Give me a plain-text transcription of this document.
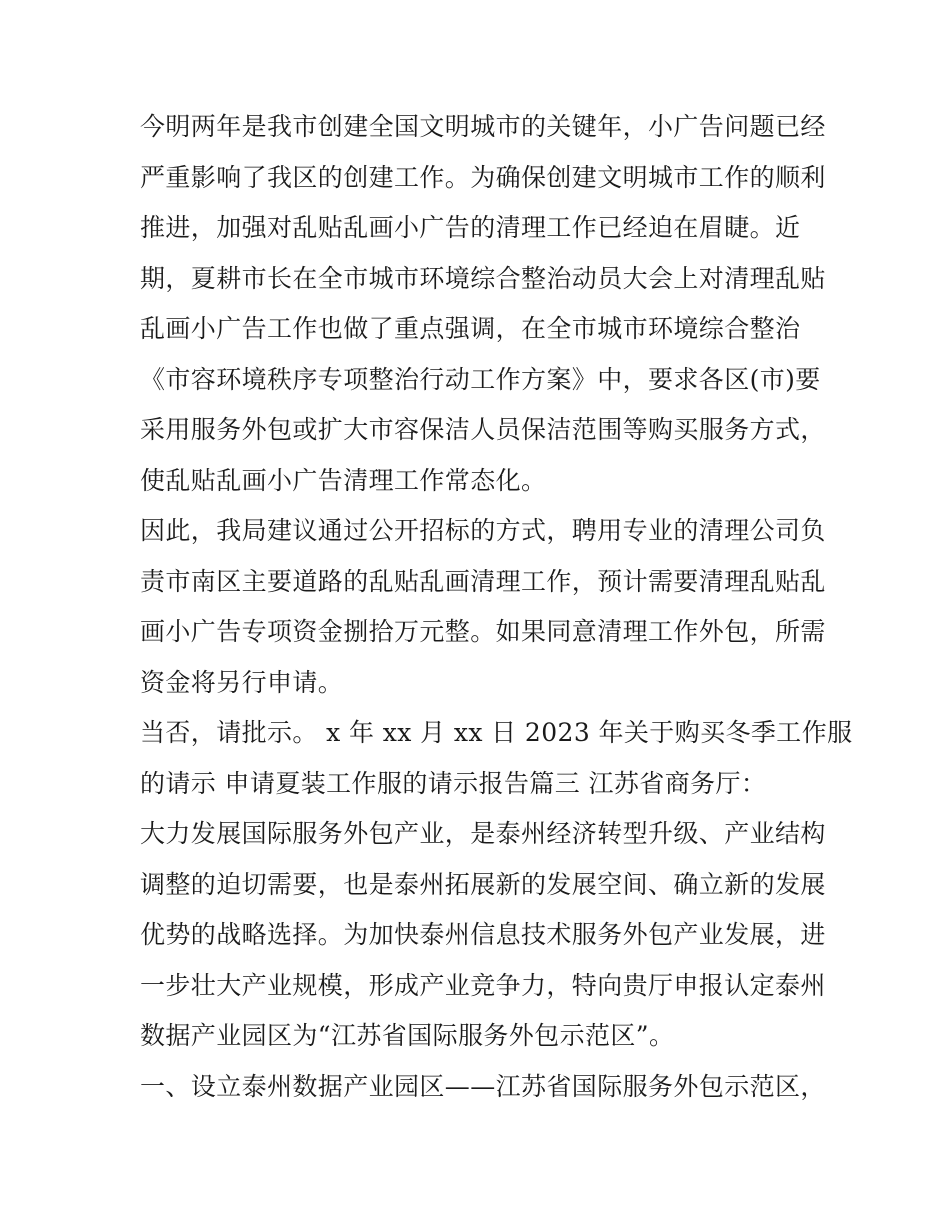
今明两年是我市创建全国文明城市的关键年，小广告问题已经
严重影响了我区的创建工作。为确保创建文明城市工作的顺利
推进，加强对乱贴乱画小广告的清理工作已经迫在眉睫。近
期，夏耕市长在全市城市环境综合整治动员大会上对清理乱贴
乱画小广告工作也做了重点强调，在全市城市环境综合整治
《市容环境秩序专项整治行动工作方案》中，要求各区(市)要
采用服务外包或扩大市容保洁人员保洁范围等购买服务方式，
使乱贴乱画小广告清理工作常态化。
因此，我局建议通过公开招标的方式，聘用专业的清理公司负
责市南区主要道路的乱贴乱画清理工作，预计需要清理乱贴乱
画小广告专项资金捌拾万元整。如果同意清理工作外包，所需
资金将另行申请。
当否，请批示。 x 年 xx 月 xx 日 2023 年关于购买冬季工作服
的请示 申请夏装工作服的请示报告篇三 江苏省商务厅：
大力发展国际服务外包产业，是泰州经济转型升级、产业结构
调整的迫切需要，也是泰州拓展新的发展空间、确立新的发展
优势的战略选择。为加快泰州信息技术服务外包产业发展，进
一步壮大产业规模，形成产业竞争力，特向贵厅申报认定泰州
数据产业园区为“江苏省国际服务外包示范区”。
一、设立泰州数据产业园区——江苏省国际服务外包示范区，
